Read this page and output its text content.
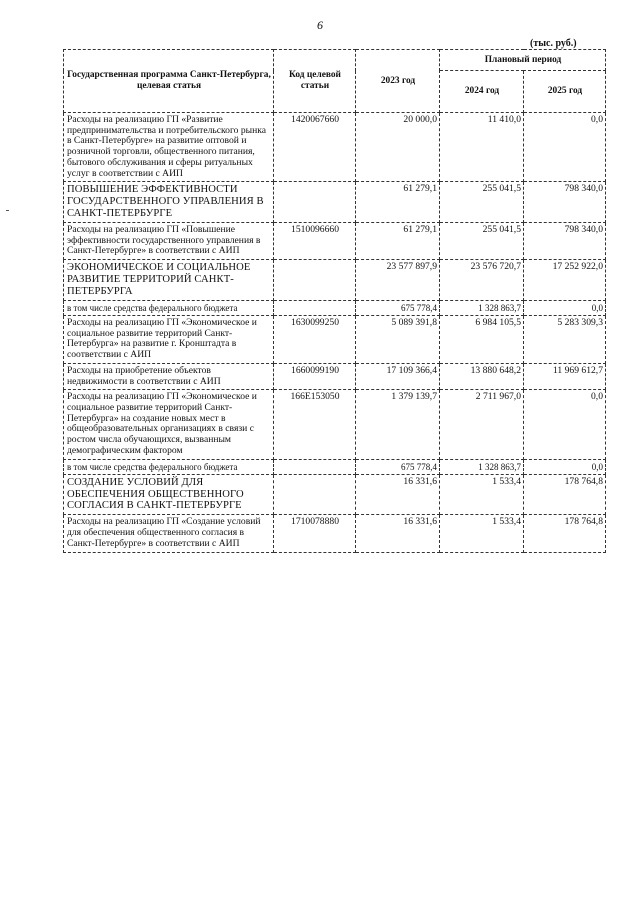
6
(тыс. руб.)
Государственная программа Санкт-Петербурга, целевая статья	Код целевой статьи	2023 год	Плановый период	
			2024 год	2025 год
Расходы на реализацию ГП «Развитие предпринимательства и потребительского рынка в Санкт-Петербурге» на развитие оптовой и розничной торговли, общественного питания, бытового обслуживания и сферы ритуальных услуг в соответствии с АИП	1420067660	20 000,0	11 410,0	0,0
ПОВЫШЕНИЕ ЭФФЕКТИВНОСТИ ГОСУДАРСТВЕННОГО УПРАВЛЕНИЯ В САНКТ-ПЕТЕРБУРГЕ		61 279,1	255 041,5	798 340,0
Расходы на реализацию ГП «Повышение эффективности государственного управления в Санкт-Петербурге» в соответствии с АИП	1510096660	61 279,1	255 041,5	798 340,0
ЭКОНОМИЧЕСКОЕ И СОЦИАЛЬНОЕ РАЗВИТИЕ ТЕРРИТОРИЙ САНКТ-ПЕТЕРБУРГА		23 577 897,9	23 576 720,7	17 252 922,0
в том числе средства федерального бюджета		675 778,4	1 328 863,7	0,0
Расходы на реализацию ГП «Экономическое и социальное развитие территорий Санкт-Петербурга» на развитие г. Кронштадта в соответствии с АИП	1630099250	5 089 391,8	6 984 105,5	5 283 309,3
Расходы на приобретение объектов недвижимости в соответствии с АИП	1660099190	17 109 366,4	13 880 648,2	11 969 612,7
Расходы на реализацию ГП «Экономическое и социальное развитие территорий Санкт-Петербурга» на создание новых мест в общеобразовательных организациях в связи с ростом числа обучающихся, вызванным демографическим фактором	166E153050	1 379 139,7	2 711 967,0	0,0
в том числе средства федерального бюджета		675 778,4	1 328 863,7	0,0
СОЗДАНИЕ УСЛОВИЙ ДЛЯ ОБЕСПЕЧЕНИЯ ОБЩЕСТВЕННОГО СОГЛАСИЯ В САНКТ-ПЕТЕРБУРГЕ		16 331,6	1 533,4	178 764,8
Расходы на реализацию ГП «Создание условий для обеспечения общественного согласия в Санкт-Петербурге» в соответствии с АИП	1710078880	16 331,6	1 533,4	178 764,8
